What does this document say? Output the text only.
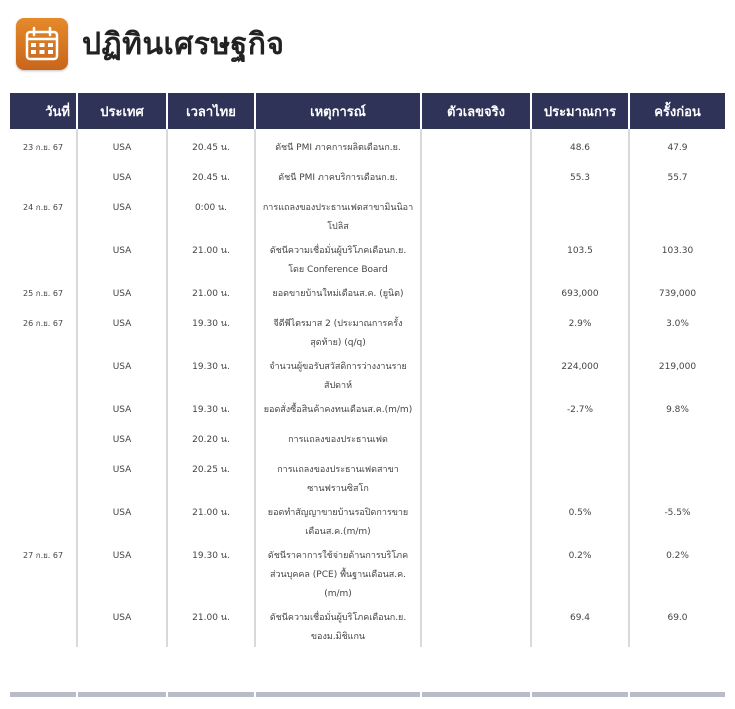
ปฏิทินเศรษฐกิจ
วันที่	ประเทศ	เวลาไทย	เหตุการณ์	ตัวเลขจริง	ประมาณการ	ครั้งก่อน

23 ก.ย. 67	USA	20.45 น.	ดัชนี PMI ภาคการผลิตเดือนก.ย.		48.6	47.9
	USA	20.45 น.	ดัชนี PMI ภาคบริการเดือนก.ย.		55.3	55.7
24 ก.ย. 67	USA	0:00 น.	การแถลงของประธานเฟดสาขามินนิอาโปลิส			
	USA	21.00 น.	ดัชนีความเชื่อมั่นผู้บริโภคเดือนก.ย. โดย Conference Board		103.5	103.30
25 ก.ย. 67	USA	21.00 น.	ยอดขายบ้านใหม่เดือนส.ค. (ยูนิต)		693,000	739,000
26 ก.ย. 67	USA	19.30 น.	จีดีพีไตรมาส 2 (ประมาณการครั้งสุดท้าย) (q/q)		2.9%	3.0%
	USA	19.30 น.	จำนวนผู้ขอรับสวัสดิการว่างงานรายสัปดาห์		224,000	219,000
	USA	19.30 น.	ยอดสั่งซื้อสินค้าคงทนเดือนส.ค.(m/m)		-2.7%	9.8%
	USA	20.20 น.	การแถลงของประธานเฟด			
	USA	20.25 น.	การแถลงของประธานเฟดสาขาซานฟรานซิสโก			
	USA	21.00 น.	ยอดทำสัญญาขายบ้านรอปิดการขายเดือนส.ค.(m/m)		0.5%	-5.5%
27 ก.ย. 67	USA	19.30 น.	ดัชนีราคาการใช้จ่ายด้านการบริโภคส่วนบุคคล (PCE) พื้นฐานเดือนส.ค.(m/m)		0.2%	0.2%
	USA	21.00 น.	ดัชนีความเชื่อมั่นผู้บริโภคเดือนก.ย. ของม.มิชิแกน		69.4	69.0
